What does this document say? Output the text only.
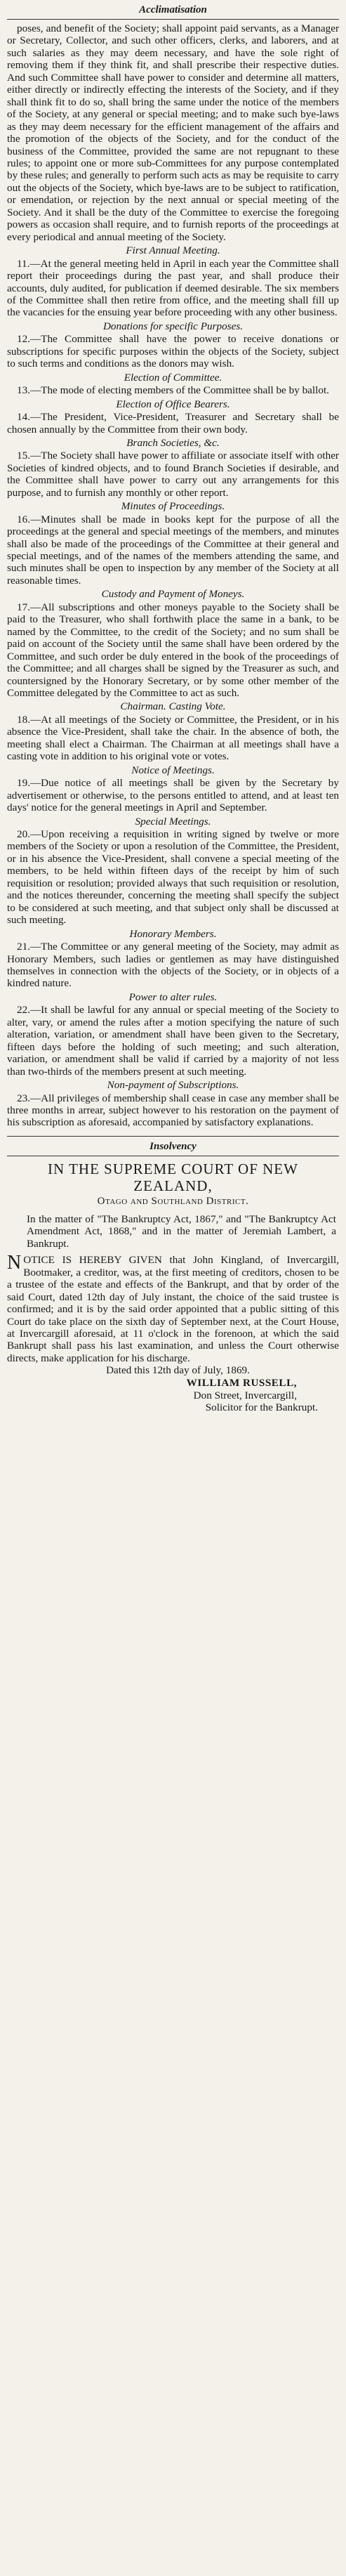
Acclimatisation

poses, and benefit of the Society; shall appoint paid servants, as a Manager or Secretary, Collector, and such other officers, clerks, and laborers, and at such salaries as they may deem necessary, and have the sole right of removing them if they think fit, and shall prescribe their respective duties. And such Committee shall have power to consider and determine all matters, either directly or indirectly effecting the interests of the Society, and if they shall think fit to do so, shall bring the same under the notice of the members of the Society, at any general or special meeting; and to make such bye-laws as they may deem necessary for the efficient management of the affairs and the promotion of the objects of the Society, and for the conduct of the business of the Committee, provided the same are not repugnant to these rules; to appoint one or more sub-Committees for any purpose contemplated by these rules; and generally to perform such acts as may be requisite to carry out the objects of the Society, which bye-laws are to be subject to ratification, or emendation, or rejection by the next annual or special meeting of the Society. And it shall be the duty of the Committee to exercise the foregoing powers as occasion shall require, and to furnish reports of the proceedings at every periodical and annual meeting of the Society.

First Annual Meeting.

11.—At the general meeting held in April in each year the Committee shall report their proceedings during the past year, and shall produce their accounts, duly audited, for publication if deemed desirable. The six members of the Committee shall then retire from office, and the meeting shall fill up the vacancies for the ensuing year before proceeding with any other business.

Donations for specific Purposes.

12.—The Committee shall have the power to receive donations or subscriptions for specific purposes within the objects of the Society, subject to such terms and conditions as the donors may wish.

Election of Committee.

13.—The mode of electing members of the Committee shall be by ballot.

Election of Office Bearers.

14.—The President, Vice-President, Treasurer and Secretary shall be chosen annually by the Committee from their own body.

Branch Societies, &c.

15.—The Society shall have power to affiliate or associate itself with other Societies of kindred objects, and to found Branch Societies if desirable, and the Committee shall have power to carry out any arrangements for this purpose, and to furnish any monthly or other report.

Minutes of Proceedings.

16.—Minutes shall be made in books kept for the purpose of all the proceedings at the general and special meetings of the members, and minutes shall also be made of the proceedings of the Committee at their general and special meetings, and of the names of the members attending the same, and such minutes shall be open to inspection by any member of the Society at all reasonable times.

Custody and Payment of Moneys.

17.—All subscriptions and other moneys payable to the Society shall be paid to the Treasurer, who shall forthwith place the same in a bank, to be named by the Committee, to the credit of the Society; and no sum shall be paid on account of the Society until the same shall have been ordered by the Committee, and such order be duly entered in the book of the proceedings of the Committee; and all charges shall be signed by the Treasurer as such, and countersigned by the Honorary Secretary, or by some other member of the Committee delegated by the Committee to act as such.

Chairman. Casting Vote.

18.—At all meetings of the Society or Committee, the President, or in his absence the Vice-President, shall take the chair. In the absence of both, the meeting shall elect a Chairman. The Chairman at all meetings shall have a casting vote in addition to his original vote or votes.

Notice of Meetings.

19.—Due notice of all meetings shall be given by the Secretary by advertisement or otherwise, to the persons entitled to attend, and at least ten days' notice for the general meetings in April and September.

Special Meetings.

20.—Upon receiving a requisition in writing signed by twelve or more members of the Society or upon a resolution of the Committee, the President, or in his absence the Vice-President, shall convene a special meeting of the members, to be held within fifteen days of the receipt by him of such requisition or resolution; provided always that such requisition or resolution, and the notices thereunder, concerning the meeting shall specify the subject to be considered at such meeting, and that subject only shall be discussed at such meeting.

Honorary Members.

21.—The Committee or any general meeting of the Society, may admit as Honorary Members, such ladies or gentlemen as may have distinguished themselves in connection with the objects of the Society, or in objects of a kindred nature.

Power to alter rules.

22.—It shall be lawful for any annual or special meeting of the Society to alter, vary, or amend the rules after a motion specifying the nature of such alteration, variation, or amendment shall have been given to the Secretary, fifteen days before the holding of such meeting; and such alteration, variation, or amendment shall be valid if carried by a majority of not less than two-thirds of the members present at such meeting.

Non-payment of Subscriptions.

23.—All privileges of membership shall cease in case any member shall be three months in arrear, subject however to his restoration on the payment of his subscription as aforesaid, accompanied by satisfactory explanations.

Insolvency
IN THE SUPREME COURT OF NEW ZEALAND,
Otago and Southland District.
In the matter of "The Bankruptcy Act, 1867," and "The Bankruptcy Act Amendment Act, 1868," and in the matter of Jeremiah Lambert, a Bankrupt.

NOTICE IS HEREBY GIVEN that John Kingland, of Invercargill, Bootmaker, a creditor, was, at the first meeting of creditors, chosen to be a trustee of the estate and effects of the Bankrupt, and that by order of the said Court, dated 12th day of July instant, the choice of the said trustee is confirmed; and it is by the said order appointed that a public sitting of this Court do take place on the sixth day of September next, at the Court House, at Invercargill aforesaid, at 11 o'clock in the forenoon, at which the said Bankrupt shall pass his last examination, and unless the Court otherwise directs, make application for his discharge.

Dated this 12th day of July, 1869.

WILLIAM RUSSELL,
Don Street, Invercargill,
Solicitor for the Bankrupt.
